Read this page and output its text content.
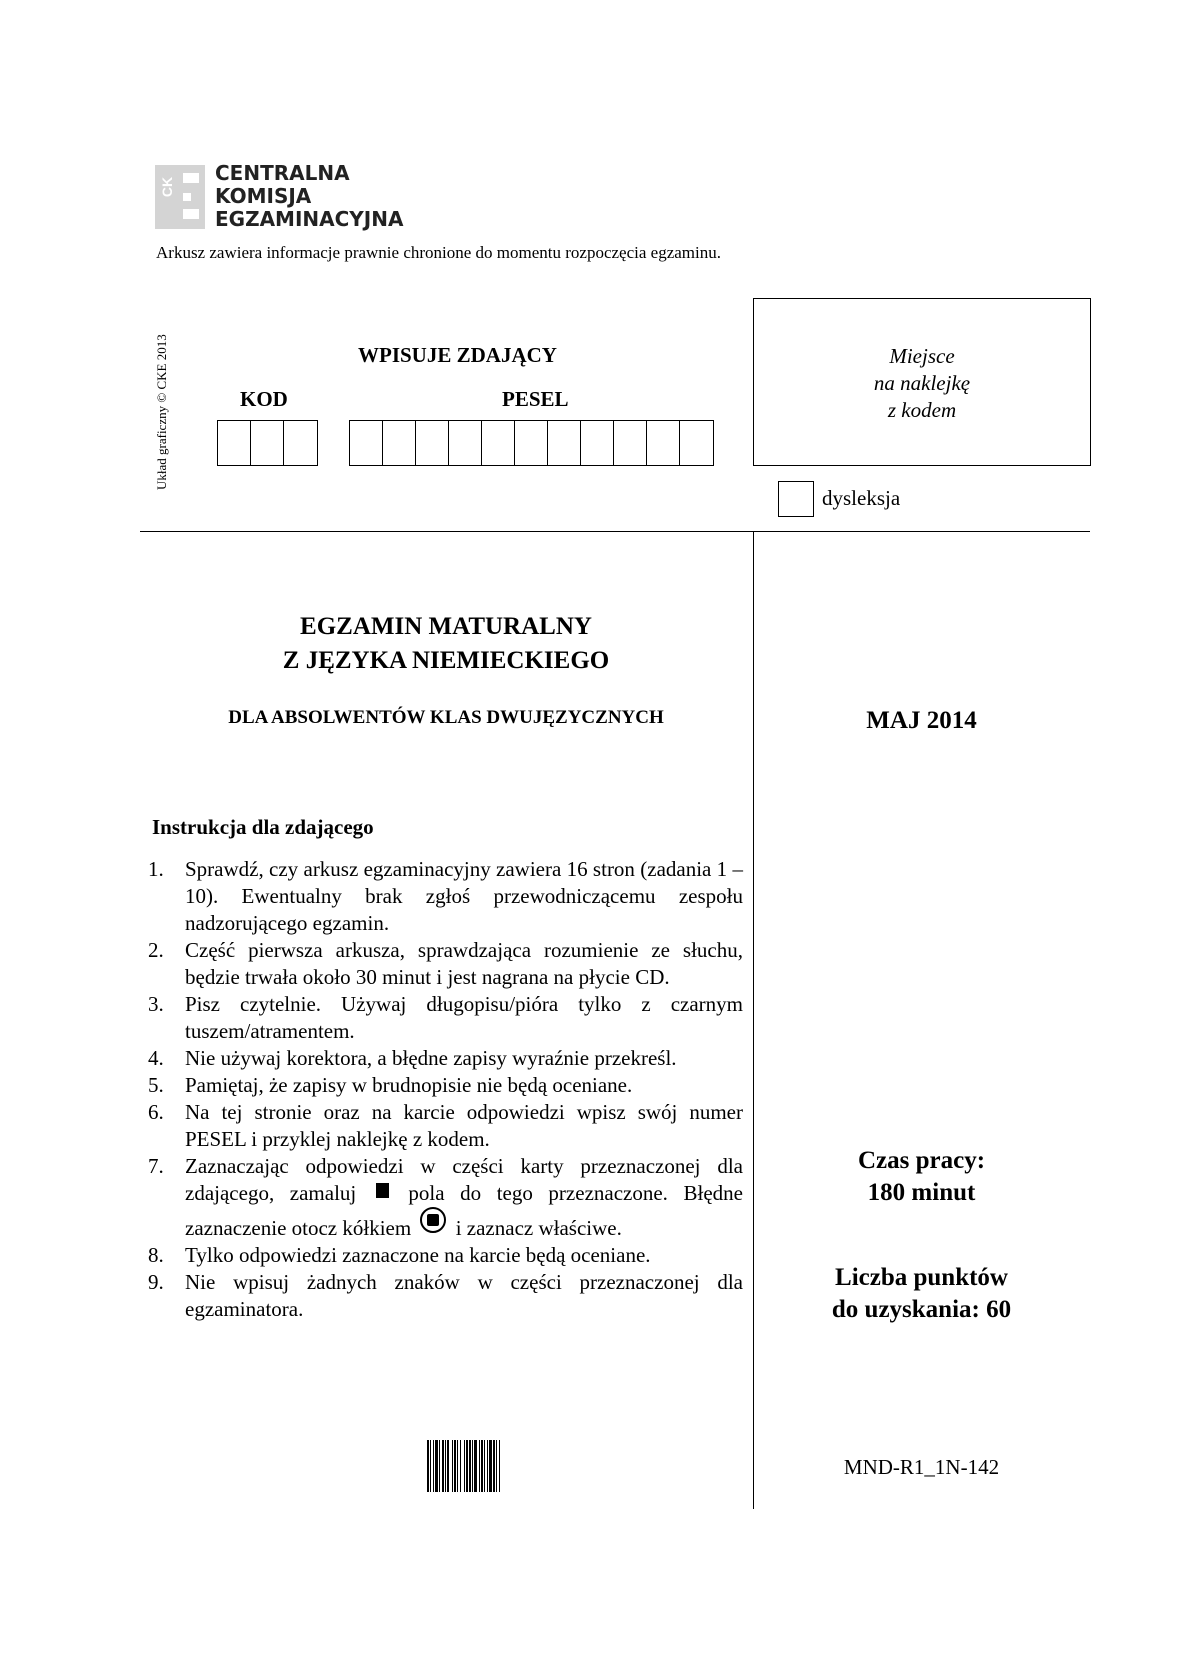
CK
CENTRALNA
KOMISJA
EGZAMINACYJNA
Arkusz zawiera informacje prawnie chronione do momentu rozpoczęcia egzaminu.
Układ graficzny © CKE 2013	WPISUJE ZDAJĄCY
KOD	PESEL
Miejsce
na naklejkę
z kodem
dysleksja
EGZAMIN MATURALNY
Z JĘZYKA NIEMIECKIEGO
DLA ABSOLWENTÓW KLAS DWUJĘZYCZNYCH	MAJ 2014
Instrukcja dla zdającego
1.	Sprawdź, czy arkusz egzaminacyjny zawiera 16 stron (zadania 1 – 10). Ewentualny brak zgłoś przewodniczącemu zespołu nadzorującego egzamin.
2.	Część pierwsza arkusza, sprawdzająca rozumienie ze słuchu, będzie trwała około 30 minut i jest nagrana na płycie CD.
3.	Pisz czytelnie. Używaj długopisu/pióra tylko z czarnym tuszem/atramentem.
4.	Nie używaj korektora, a błędne zapisy wyraźnie przekreśl.
5.	Pamiętaj, że zapisy w brudnopisie nie będą oceniane.
6.	Na tej stronie oraz na karcie odpowiedzi wpisz swój numer PESEL i przyklej naklejkę z kodem.
7.	Zaznaczając odpowiedzi w części karty przeznaczonej dla zdającego, zamaluj pola do tego przeznaczone. Błędne zaznaczenie otocz kółkiem i zaznacz właściwe.
8.	Tylko odpowiedzi zaznaczone na karcie będą oceniane.
9.	Nie wpisuj żadnych znaków w części przeznaczonej dla egzaminatora.
Czas pracy:
180 minut
Liczba punktów
do uzyskania: 60
MND-R1_1N-142
